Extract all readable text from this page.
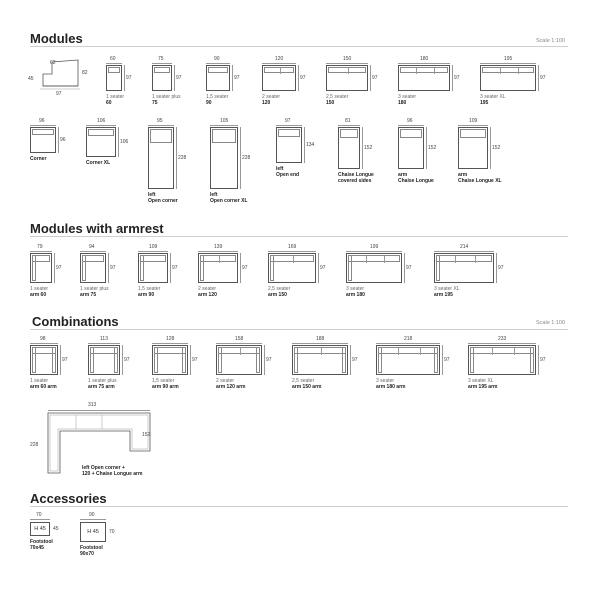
Modules	Scale 1:100
62
82
45
97
60
97
1 seater
60
75
97
1 seater plus
75
90
97
1,5 seater
90
120
97
2 seater
120
150
97
2,5 seater
150
180
97
3 seater
180
195
97
3 seater XL
195
96
96
Corner
106
106
Corner XL
95
228
left
Open corner
105
228
left
Open corner XL
97
134
left
Open end
81
152
Chaise Longue
covered sides
96
152
arm
Chaise Longue
109
152
arm
Chaise Longue XL
Modules with armrest
79
97
1 seater
arm 60
94
97
1 seater plus
arm 75
109
97
1,5 seater
arm 90
139
97
2 seater
arm 120
169
97
2,5 seater
arm 150
199
97
3 seater
arm 180
214
97
3 seater XL
arm 195
Combinations	Scale 1:100
98
97
1 seater
arm 60 arm
113
97
1 seater plus
arm 75 arm
128
97
1,5 seater
arm 90 arm
158
97
2 seater
arm 120 arm
188
97
2,5 seater
arm 150 arm
218
97
3 seater
arm 180 arm
233
97
3 seater XL
arm 195 arm
313
228
152
left Open corner +
120 + Chaise Longue arm
Accessories
70
H 45 45
Footstool
70x45
90
H 45 70
Footstool
90x70
